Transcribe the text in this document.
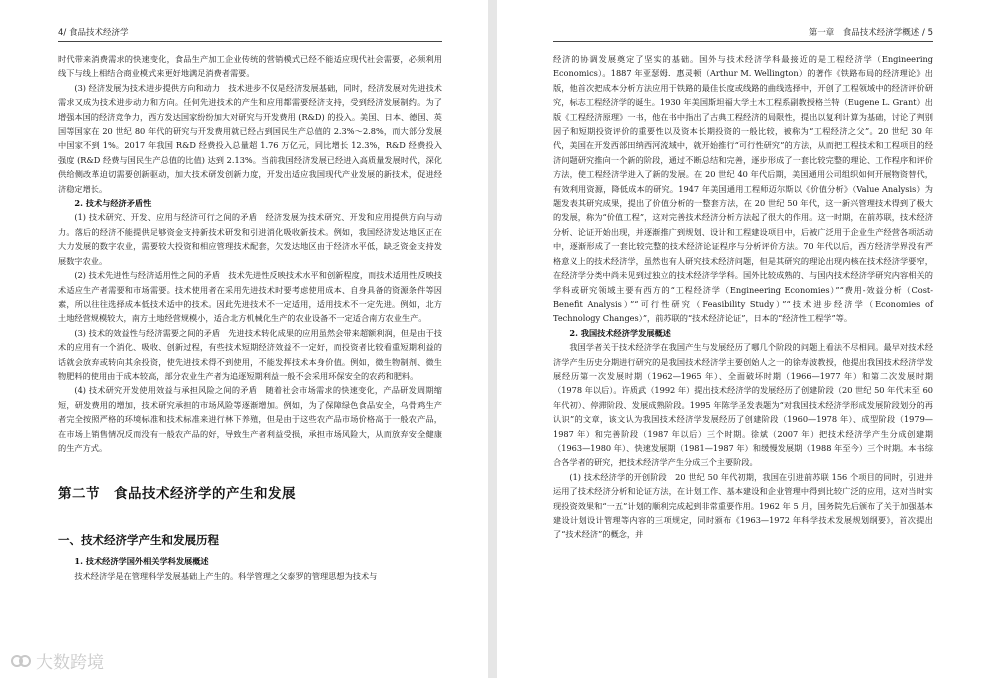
4/ 食品技术经济学

时代带来消费需求的快速变化，食品生产加工企业传统的营销模式已经不能适应现代社会需要，必须利用线下与线上相结合商业模式来更好地满足消费者需要。

(3) 经济发展为技术进步提供方向和动力　技术进步不仅是经济发展基础，同时，经济发展对先进技术需求又成为技术进步动力和方向。任何先进技术的产生和应用都需要经济支持，受到经济发展制约。为了增强本国的经济竞争力，西方发达国家纷纷加大对研究与开发费用 (R&D) 的投入。美国、日本、德国、英国等国家在 20 世纪 80 年代的研究与开发费用就已经占到国民生产总值的 2.3%～2.8%，而大部分发展中国家不到 1%。2017 年我国 R&D 经费投入总量超 1.76 万亿元，同比增长 12.3%，R&D 经费投入强度 (R&D 经费与国民生产总值的比值) 达到 2.13%。当前我国经济发展已经进入高质量发展时代，深化供给侧改革迫切需要创新驱动，加大技术研发创新力度，开发出适应我国现代产业发展的新技术，促进经济稳定增长。

2. 技术与经济矛盾性

(1) 技术研究、开发、应用与经济可行之间的矛盾　经济发展为技术研究、开发和应用提供方向与动力。落后的经济不能提供足够资金支持新技术研发和引进消化吸收新技术。例如，我国经济发达地区正在大力发展的数字农业，需要较大投资和相应管理技术配套，欠发达地区由于经济水平低，缺乏资金支持发展数字农业。

(2) 技术先进性与经济适用性之间的矛盾　技术先进性反映技术水平和创新程度，而技术适用性反映技术适应生产者需要和市场需要。技术使用者在采用先进技术时要考虑使用成本、自身具备的资源条件等因素，所以往往选择成本低技术适中的技术。因此先进技术不一定适用，适用技术不一定先进。例如，北方土地经营规模较大，南方土地经营规模小，适合北方机械化生产的农业设备不一定适合南方农业生产。

(3) 技术的效益性与经济需要之间的矛盾　先进技术转化成果的应用虽然会带来超额利润，但是由于技术的应用有一个消化、吸收、创新过程，有些技术短期经济效益不一定好，而投资者比较看重短期利益的话就会放弃或转向其余投资，使先进技术得不到使用，不能发挥技术本身价值。例如，微生物制剂、微生物肥料的使用由于成本较高，部分农业生产者为追逐短期利益一般不会采用环保安全的农药和肥料。

(4) 技术研究开发使用效益与承担风险之间的矛盾　随着社会市场需求的快速变化，产品研发周期缩短，研发费用的增加，技术研究承担的市场风险等逐渐增加。例如，为了保障绿色食品安全，乌骨鸡生产者完全按照严格的环境标准和技术标准来进行林下养殖，但是由于这些农产品市场价格高于一般农产品，在市场上销售情况反而没有一般农产品的好，导致生产者利益受损，承担市场风险大，从而放弃安全健康的生产方式。

第二节　食品技术经济学的产生和发展
一、技术经济学产生和发展历程

1. 技术经济学国外相关学科发展概述

技术经济学是在管理科学发展基础上产生的。科学管理之父泰罗的管理思想为技术与

第一章　食品技术经济学概述 / 5

经济的协调发展奠定了坚实的基础。国外与技术经济学科最接近的是工程经济学（Engineering Economics）。1887 年亚瑟姆．惠灵顿（Arthur M. Wellington）的著作《铁路布局的经济理论》出版，他首次把成本分析方法应用于铁路的最佳长度或线路的曲线选择中，开创了工程领域中的经济评价研究，标志工程经济学的诞生。1930 年美国斯坦福大学土木工程系副教授格兰特（Eugene L. Grant）出版《工程经济原理》一书，他在书中指出了古典工程经济的局限性，提出以复利计算为基础，讨论了判别因子和短期投资评价的重要性以及资本长期投资的一般比较，被称为“工程经济之父”。20 世纪 30 年代，美国在开发西部田纳西河流域中，就开始推行“可行性研究”的方法，从而把工程技术和工程项目的经济问题研究推向一个新的阶段，通过不断总结和完善，逐步形成了一套比较完整的理论、工作程序和评价方法，使工程经济学进入了新的发展。在 20 世纪 40 年代后期，美国通用公司组织如何开展物资替代，有效利用资源，降低成本的研究。1947 年美国通用工程师迈尔斯以《价值分析》（Value Analysis）为题发表其研究成果，提出了价值分析的一整套方法，在 20 世纪 50 年代，这一新兴管理技术得到了极大的发展，称为“价值工程”，这对完善技术经济分析方法起了很大的作用。这一时期，在前苏联，技术经济分析、论证开始出现，并逐渐推广到规划、设计和工程建设项目中，后被广泛用于企业生产经营各项活动中，逐渐形成了一套比较完整的技术经济论证程序与分析评价方法。70 年代以后，西方经济学界没有严格意义上的技术经济学，虽然也有人研究技术经济问题，但是其研究的理论出现内核在技术经济学要窄，在经济学分类中尚未见到过独立的技术经济学学科。国外比较成熟的、与国内技术经济学研究内容相关的学科或研究领域主要有西方的“工程经济学（Engineering Economies）”“费用-效益分析（Cost-Benefit Analysis）”“可行性研究（Feasibility Study）”“技术进步经济学（Economies of Technology Changes）”，前苏联的“技术经济论证”，日本的“经济性工程学”等。

2. 我国技术经济学发展概述

我国学者关于技术经济学在我国产生与发展经历了哪几个阶段的问题上看法不尽相同。最早对技术经济学产生历史分期进行研究的是我国技术经济学主要创始人之一的徐寿波教授，他提出我国技术经济学发展经历第一次发展时期（1962—1965 年）、全面破坏时期（1966—1977 年）和第二次发展时期（1978 年以后）。许质武（1992 年）提出技术经济学的发展经历了创建阶段（20 世纪 50 年代末至 60 年代初）、停滞阶段、发展成熟阶段。1995 年陈学圣发表题为“对我国技术经济学形成发展阶段划分的再认识”的文章，该文认为我国技术经济学发展经历了创建阶段（1960—1978 年）、成型阶段（1979—1987 年）和完善阶段（1987 年以后）三个时期。徐斌（2007 年）把技术经济学产生分成创建期（1963—1980 年）、快速发展期（1981—1987 年）和缓慢发展期（1988 年至今）三个时期。本书综合各学者的研究，把技术经济学产生分成三个主要阶段。

(1) 技术经济学的开创阶段　20 世纪 50 年代初期，我国在引进前苏联 156 个项目的同时，引进并运用了技术经济分析和论证方法，在计划工作、基本建设和企业管理中得到比较广泛的应用，这对当时实现投资效果和“一五”计划的顺利完成起到非常重要作用。1962 年 5 月，国务院先后颁布了关于加强基本建设计划设计管理等内容的三项规定，同时颁布《1963—1972 年科学技术发展规划纲要》，首次提出了“技术经济”的概念，并

大数跨境
